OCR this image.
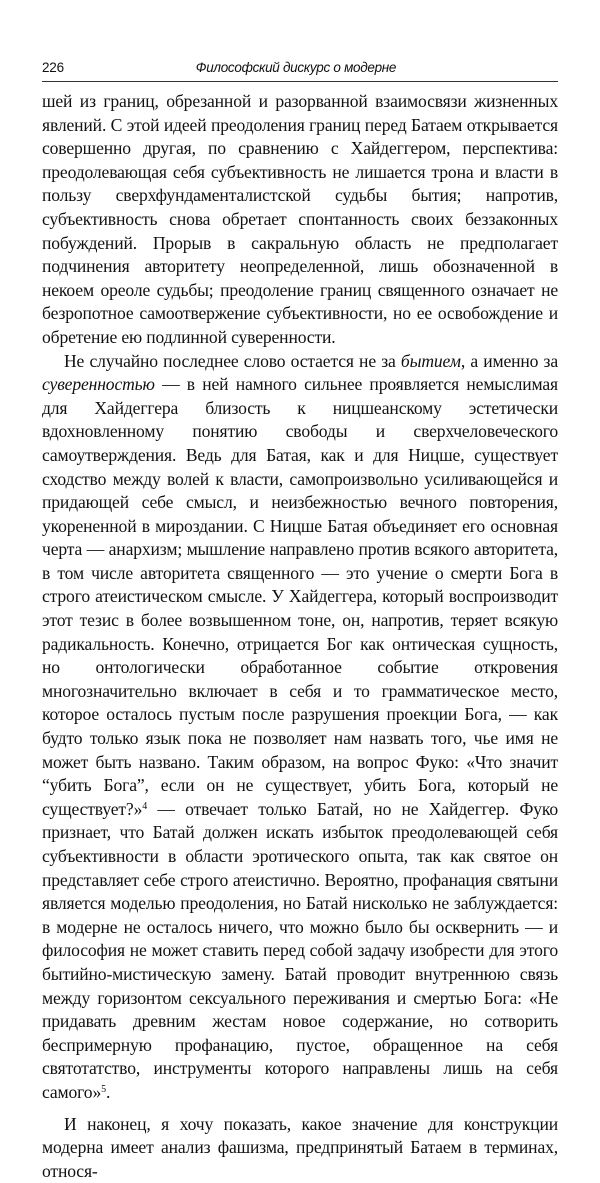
226	Философский дискурс о модерне

шей из границ, обрезанной и разорванной взаимосвязи жизненных явлений. С этой идеей преодоления границ перед Батаем открывается совершенно другая, по сравнению с Хайдеггером, перспектива: преодолевающая себя субъективность не лишается трона и власти в пользу сверхфундаменталистской судьбы бытия; напротив, субъективность снова обретает спонтанность своих беззаконных побуждений. Прорыв в сакральную область не предполагает подчинения авторитету неопределенной, лишь обозначенной в некоем ореоле судьбы; преодоление границ священного означает не безропотное самоотвержение субъективности, но ее освобождение и обретение ею подлинной суверенности.

Не случайно последнее слово остается не за бытием, а именно за суверенностью — в ней намного сильнее проявляется немыслимая для Хайдеггера близость к ницшеанскому эстетически вдохновленному понятию свободы и сверхчеловеческого самоутверждения. Ведь для Батая, как и для Ницше, существует сходство между волей к власти, самопроизвольно усиливающейся и придающей себе смысл, и неизбежностью вечного повторения, укорененной в мироздании. С Ницше Батая объединяет его основная черта — анархизм; мышление направлено против всякого авторитета, в том числе авторитета священного — это учение о смерти Бога в строго атеистическом смысле. У Хайдеггера, который воспроизводит этот тезис в более возвышенном тоне, он, напротив, теряет всякую радикальность. Конечно, отрицается Бог как онтическая сущность, но онтологически обработанное событие откровения многозначительно включает в себя и то грамматическое место, которое осталось пустым после разрушения проекции Бога, — как будто только язык пока не позволяет нам назвать того, чье имя не может быть названо. Таким образом, на вопрос Фуко: «Что значит “убить Бога”, если он не существует, убить Бога, который не существует?»$^4$ — отвечает только Батай, но не Хайдеггер. Фуко признает, что Батай должен искать избыток преодолевающей себя субъективности в области эротического опыта, так как святое он представляет себе строго атеистично. Вероятно, профанация святыни является моделью преодоления, но Батай нисколько не заблуждается: в модерне не осталось ничего, что можно было бы осквернить — и философия не может ставить перед собой задачу изобрести для этого бытийно-мистическую замену. Батай проводит внутреннюю связь между горизонтом сексуального переживания и смертью Бога: «Не придавать древним жестам новое содержание, но сотворить беспримерную профанацию, пустое, обращенное на себя святотатство, инструменты которого направлены лишь на себя самого»$^5$.

И наконец, я хочу показать, какое значение для конструкции модерна имеет анализ фашизма, предпринятый Батаем в терминах, относя-
